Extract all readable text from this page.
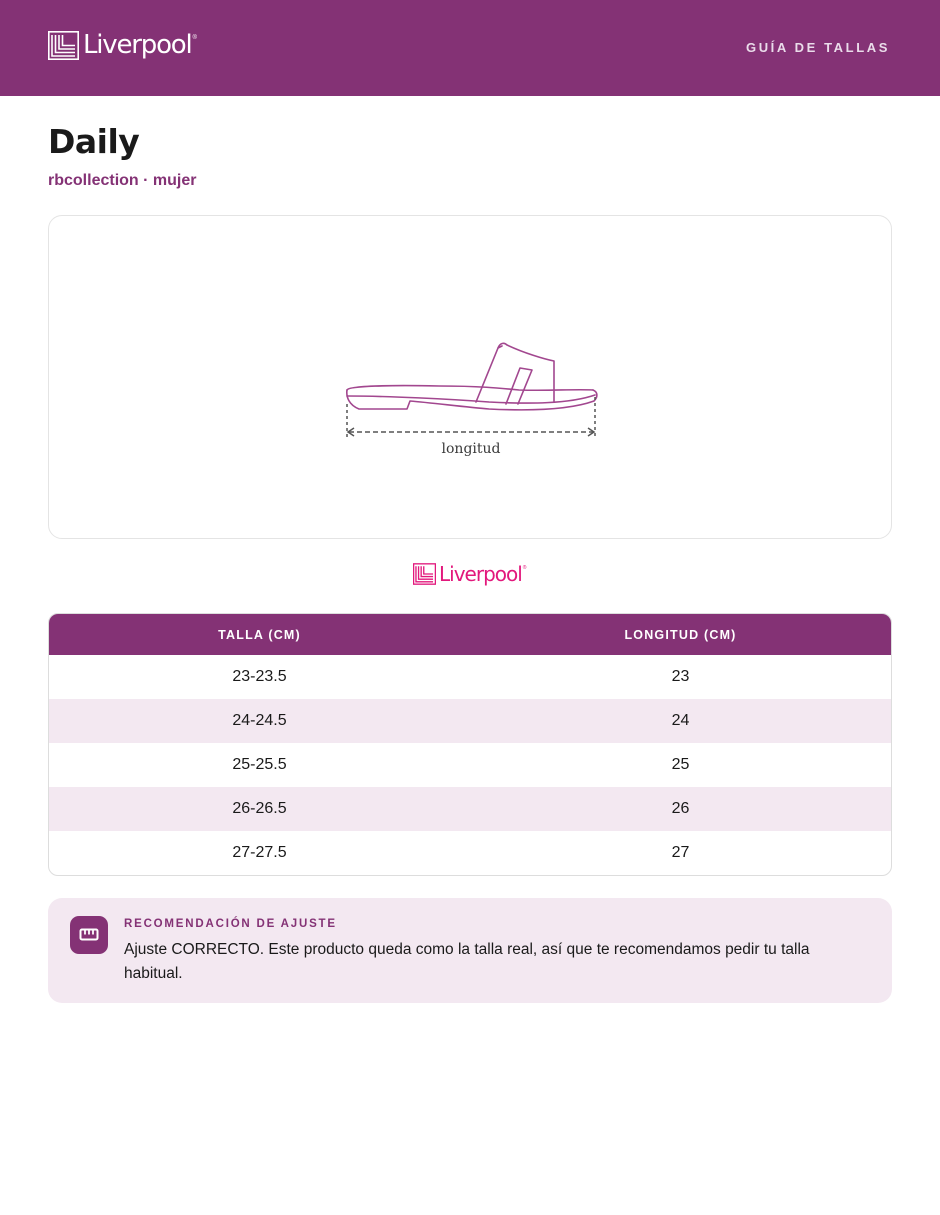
Liverpool ®
GUÍA DE TALLAS
Daily
rbcollection · mujer
longitud
Liverpool ®
TALLA (CM)	LONGITUD (CM)
23-23.5	23
24-24.5	24
25-25.5	25
26-26.5	26
27-27.5	27
RECOMENDACIÓN DE AJUSTE
Ajuste CORRECTO. Este producto queda como la talla real, así que te recomendamos pedir tu talla habitual.
